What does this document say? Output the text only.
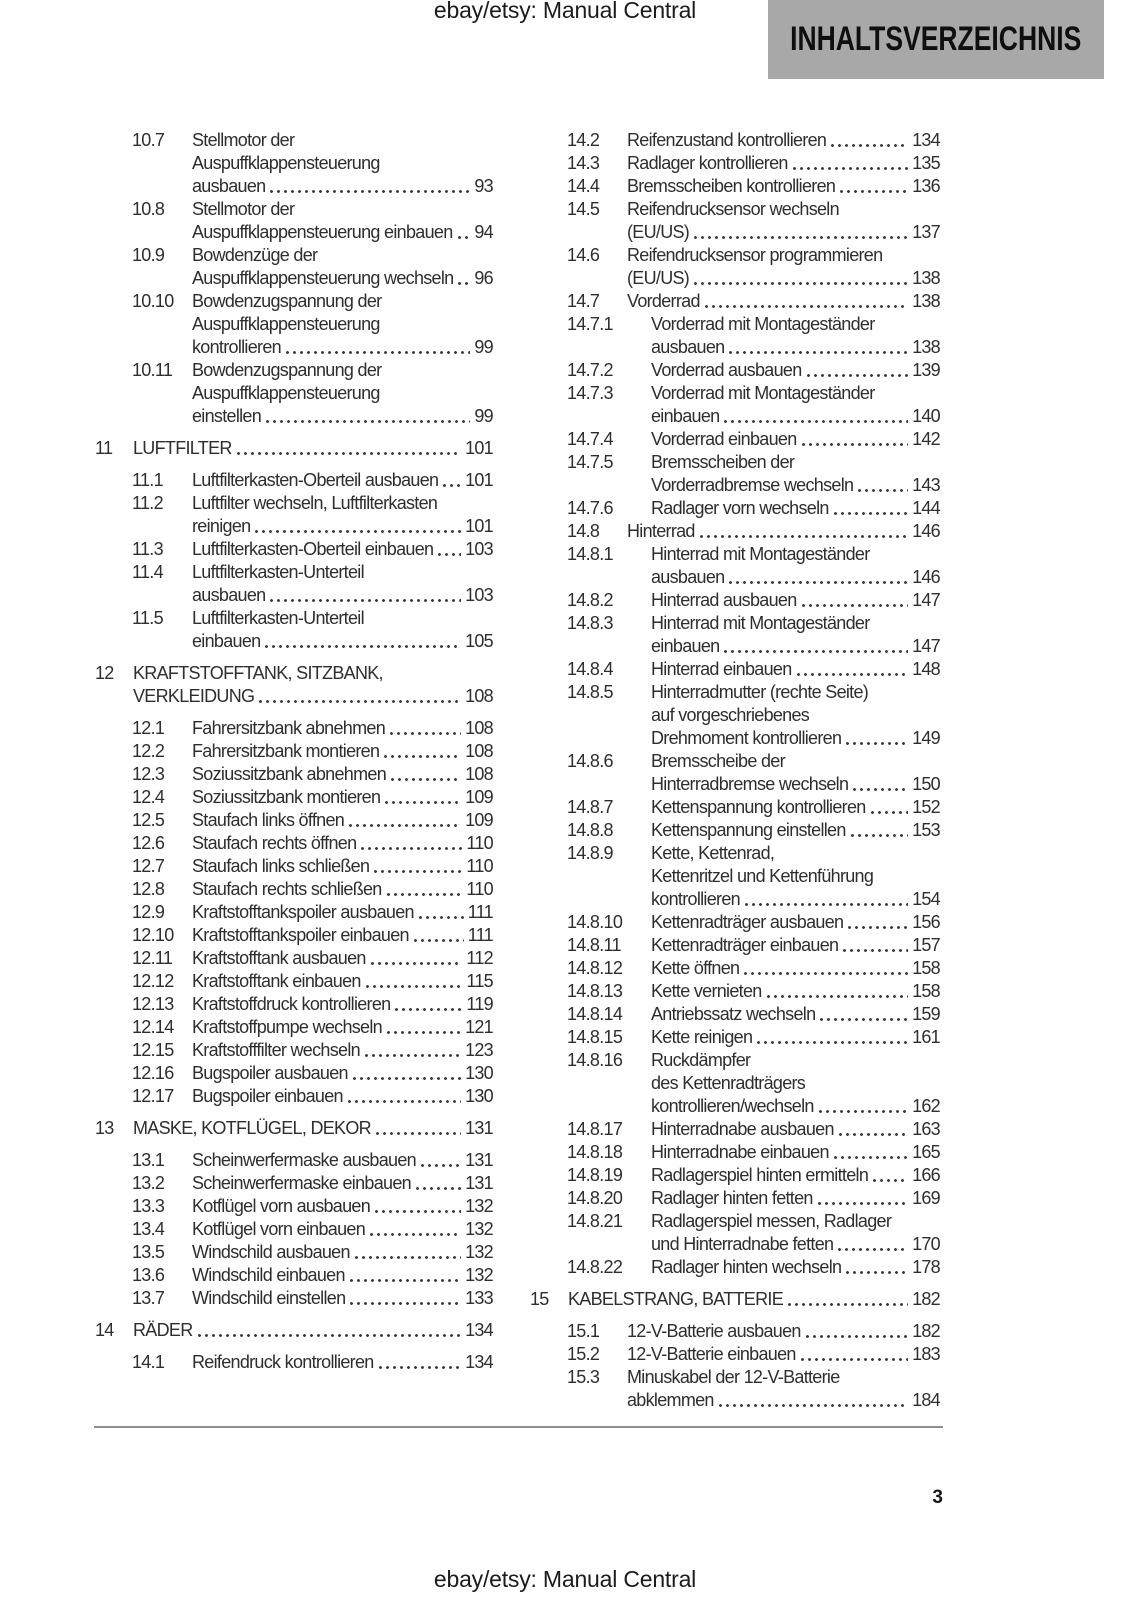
ebay/etsy: Manual Central
INHALTSVERZEICHNIS
10.7	Stellmotor der
Auspuffklappensteuerung
ausbauen	93
10.8	Stellmotor der
Auspuffklappensteuerung einbauen 94
10.9	Bowdenzüge der
Auspuffklappensteuerung wechseln 96
10.10	Bowdenzugspannung der
Auspuffklappensteuerung
kontrollieren	99
10.11	Bowdenzugspannung der
Auspuffklappensteuerung
einstellen	99
11	LUFTFILTER	101
11.1	Luftfilterkasten-Oberteil ausbauen 101
11.2	Luftfilter wechseln, Luftfilterkasten
reinigen	101
11.3	Luftfilterkasten-Oberteil einbauen 103
11.4	Luftfilterkasten-Unterteil
ausbauen	103
11.5	Luftfilterkasten-Unterteil
einbauen	105
12	KRAFTSTOFFTANK, SITZBANK,
VERKLEIDUNG	108
12.1	Fahrersitzbank abnehmen	108
12.2	Fahrersitzbank montieren	108
12.3	Soziussitzbank abnehmen	108
12.4	Soziussitzbank montieren	109
12.5	Staufach links öffnen	109
12.6	Staufach rechts öffnen	110
12.7	Staufach links schließen	110
12.8	Staufach rechts schließen	110
12.9	Kraftstofftankspoiler ausbauen	111
12.10	Kraftstofftankspoiler einbauen	111
12.11	Kraftstofftank ausbauen	112
12.12	Kraftstofftank einbauen	115
12.13	Kraftstoffdruck kontrollieren	119
12.14	Kraftstoffpumpe wechseln	121
12.15	Kraftstofffilter wechseln	123
12.16	Bugspoiler ausbauen	130
12.17	Bugspoiler einbauen	130
13	MASKE, KOTFLÜGEL, DEKOR	131
13.1	Scheinwerfermaske ausbauen	131
13.2	Scheinwerfermaske einbauen	131
13.3	Kotflügel vorn ausbauen	132
13.4	Kotflügel vorn einbauen	132
13.5	Windschild ausbauen	132
13.6	Windschild einbauen	132
13.7	Windschild einstellen	133
14	RÄDER	134
14.1	Reifendruck kontrollieren	134
14.2	Reifenzustand kontrollieren	134
14.3	Radlager kontrollieren	135
14.4	Bremsscheiben kontrollieren	136
14.5	Reifendrucksensor wechseln
(EU/US)	137
14.6	Reifendrucksensor programmieren
(EU/US)	138
14.7	Vorderrad	138
14.7.1	Vorderrad mit Montageständer
ausbauen	138
14.7.2	Vorderrad ausbauen	139
14.7.3	Vorderrad mit Montageständer
einbauen	140
14.7.4	Vorderrad einbauen	142
14.7.5	Bremsscheiben der
Vorderradbremse wechseln	143
14.7.6	Radlager vorn wechseln	144
14.8	Hinterrad	146
14.8.1	Hinterrad mit Montageständer
ausbauen	146
14.8.2	Hinterrad ausbauen	147
14.8.3	Hinterrad mit Montageständer
einbauen	147
14.8.4	Hinterrad einbauen	148
14.8.5	Hinterradmutter (rechte Seite)
auf vorgeschriebenes
Drehmoment kontrollieren	149
14.8.6	Bremsscheibe der
Hinterradbremse wechseln	150
14.8.7	Kettenspannung kontrollieren	152
14.8.8	Kettenspannung einstellen	153
14.8.9	Kette, Kettenrad,
Kettenritzel und Kettenführung
kontrollieren	154
14.8.10	Kettenradträger ausbauen	156
14.8.11	Kettenradträger einbauen	157
14.8.12	Kette öffnen	158
14.8.13	Kette vernieten	158
14.8.14	Antriebssatz wechseln	159
14.8.15	Kette reinigen	161
14.8.16	Ruckdämpfer
des Kettenradträgers
kontrollieren/wechseln	162
14.8.17	Hinterradnabe ausbauen	163
14.8.18	Hinterradnabe einbauen	165
14.8.19	Radlagerspiel hinten ermitteln 166
14.8.20	Radlager hinten fetten	169
14.8.21	Radlagerspiel messen, Radlager
und Hinterradnabe fetten	170
14.8.22	Radlager hinten wechseln	178
15	KABELSTRANG, BATTERIE	182
15.1	12-V-Batterie ausbauen	182
15.2	12-V-Batterie einbauen	183
15.3	Minuskabel der 12-V-Batterie
abklemmen	184
3
ebay/etsy: Manual Central
